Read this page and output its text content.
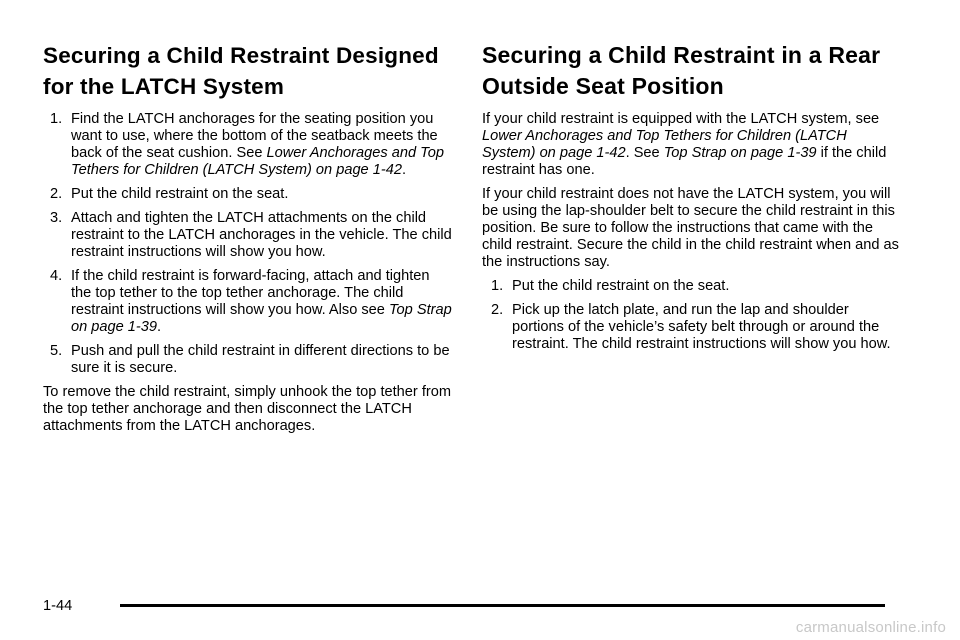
Securing a Child Restraint Designed for the LATCH System
1. Find the LATCH anchorages for the seating position you want to use, where the bottom of the seatback meets the back of the seat cushion. See Lower Anchorages and Top Tethers for Children (LATCH System) on page 1-42.
2. Put the child restraint on the seat.
3. Attach and tighten the LATCH attachments on the child restraint to the LATCH anchorages in the vehicle. The child restraint instructions will show you how.
4. If the child restraint is forward-facing, attach and tighten the top tether to the top tether anchorage. The child restraint instructions will show you how. Also see Top Strap on page 1-39.
5. Push and pull the child restraint in different directions to be sure it is secure.

To remove the child restraint, simply unhook the top tether from the top tether anchorage and then disconnect the LATCH attachments from the LATCH anchorages.

Securing a Child Restraint in a Rear Outside Seat Position

If your child restraint is equipped with the LATCH system, see Lower Anchorages and Top Tethers for Children (LATCH System) on page 1-42. See Top Strap on page 1-39 if the child restraint has one.

If your child restraint does not have the LATCH system, you will be using the lap-shoulder belt to secure the child restraint in this position. Be sure to follow the instructions that came with the child restraint. Secure the child in the child restraint when and as the instructions say.

1. Put the child restraint on the seat.
2. Pick up the latch plate, and run the lap and shoulder portions of the vehicle’s safety belt through or around the restraint. The child restraint instructions will show you how.
1-44
carmanualsonline.info
